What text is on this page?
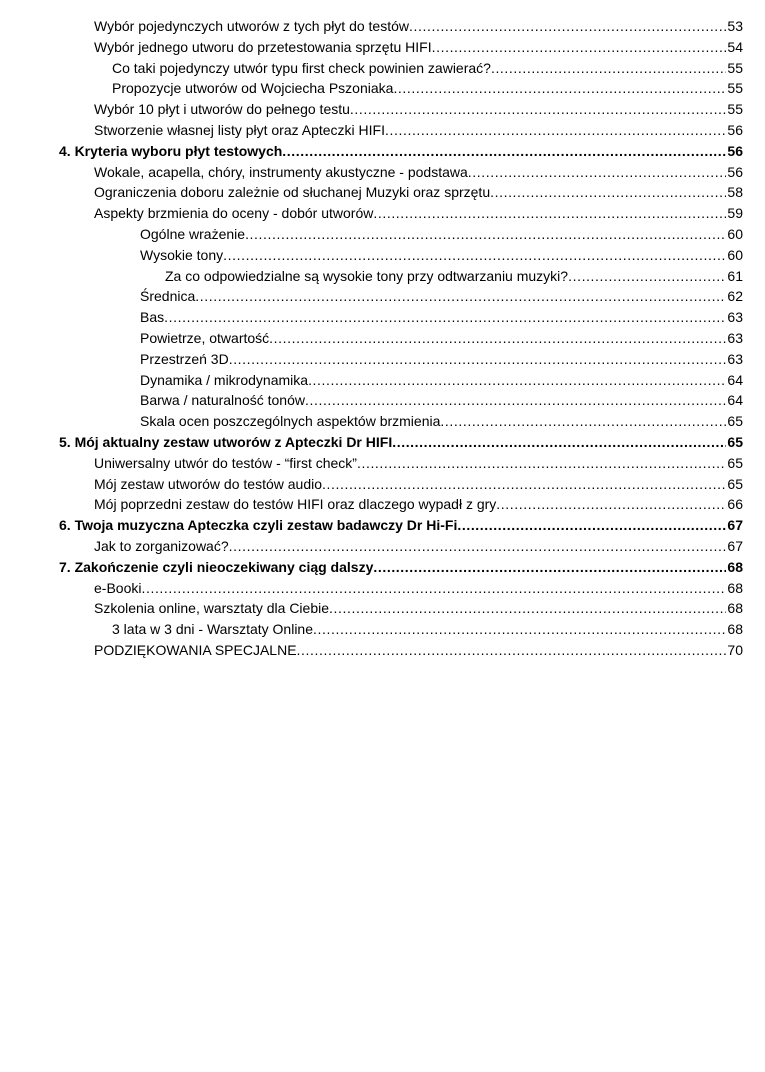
Wybór pojedynczych utworów z tych płyt do testów .....	53
Wybór jednego utworu do przetestowania sprzętu HIFI .....	54
Co taki pojedynczy utwór typu first check powinien zawierać? .....	55
Propozycje utworów od Wojciecha Pszoniaka .....	55
Wybór 10 płyt i utworów do pełnego testu .....	55
Stworzenie własnej listy płyt oraz Apteczki HIFI .....	56
4. Kryteria wyboru płyt testowych .....	56
Wokale, acapella, chóry, instrumenty akustyczne - podstawa .....	56
Ograniczenia doboru zależnie od słuchanej Muzyki oraz sprzętu .....	58
Aspekty brzmienia do oceny - dobór utworów .....	59
Ogólne wrażenie .....	60
Wysokie tony .....	60
Za co odpowiedzialne są wysokie tony przy odtwarzaniu muzyki? .....	61
Średnica .....	62
Bas .....	63
Powietrze, otwartość .....	63
Przestrzeń 3D .....	63
Dynamika / mikrodynamika .....	64
Barwa / naturalność tonów .....	64
Skala ocen poszczególnych aspektów brzmienia .....	65
5. Mój aktualny zestaw utworów z Apteczki Dr HIFI .....	65
Uniwersalny utwór do testów - “first check” .....	65
Mój zestaw utworów do testów audio .....	65
Mój poprzedni zestaw do testów HIFI oraz dlaczego wypadł z gry .....	66
6. Twoja muzyczna Apteczka czyli zestaw badawczy Dr Hi-Fi .....	67
Jak to zorganizować? .....	67
7. Zakończenie czyli nieoczekiwany ciąg dalszy .....	68
e-Booki .....	68
Szkolenia online, warsztaty dla Ciebie .....	68
3 lata w 3 dni - Warsztaty Online .....	68
PODZIĘKOWANIA SPECJALNE .....	70
